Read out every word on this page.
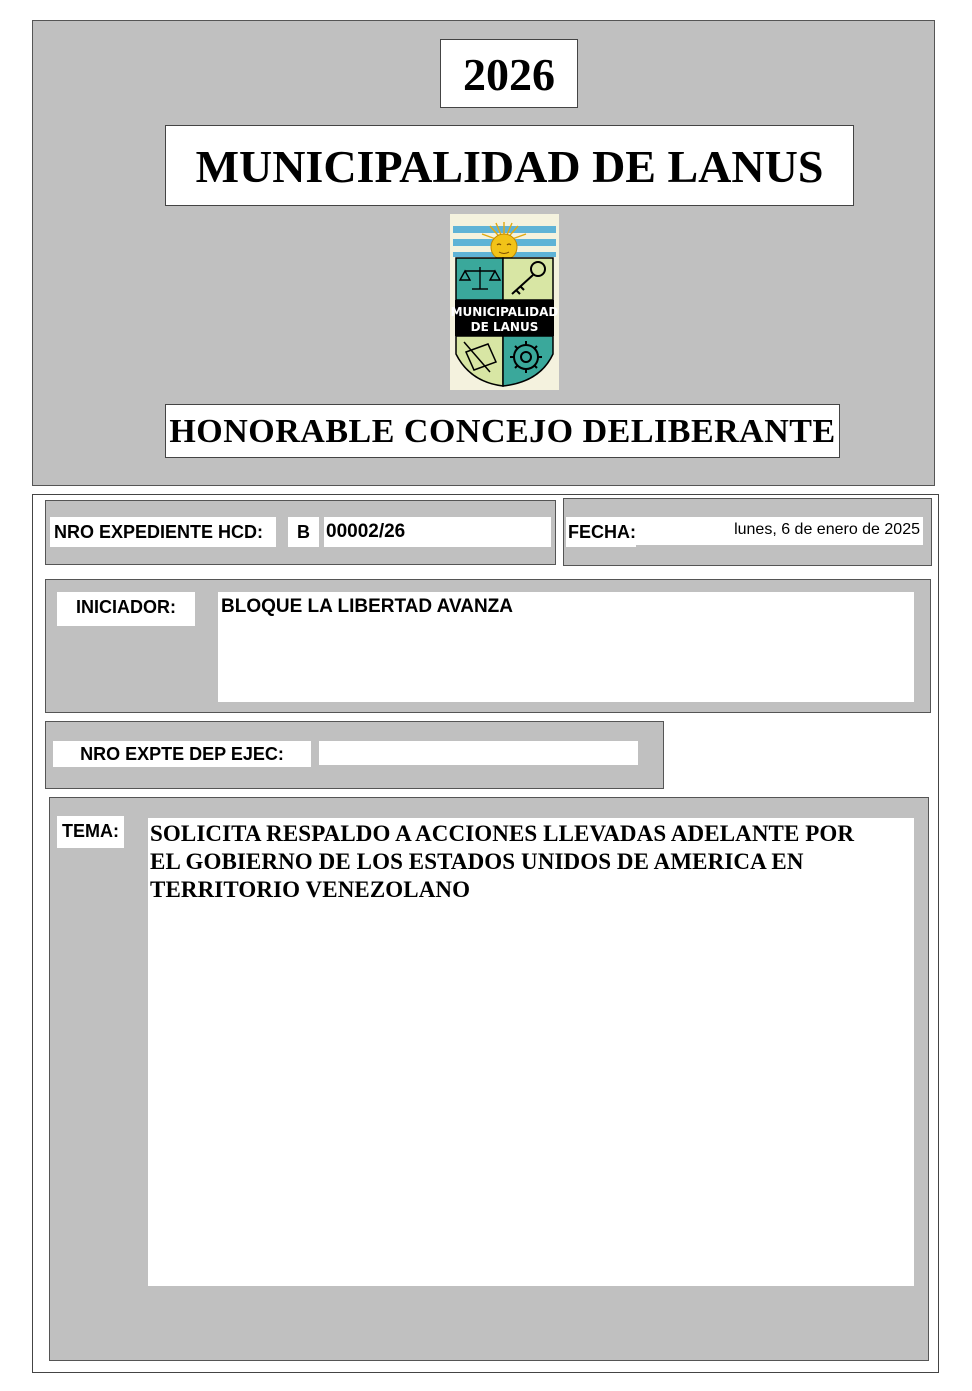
2026
MUNICIPALIDAD DE LANUS
MUNICIPALIDAD
DE LANUS
HONORABLE CONCEJO DELIBERANTE
NRO EXPEDIENTE HCD:	B 00002/26	FECHA:	lunes, 6 de enero de 2025
INICIADOR:	BLOQUE LA LIBERTAD AVANZA
NRO EXPTE DEP EJEC:
TEMA: SOLICITA RESPALDO A ACCIONES LLEVADAS ADELANTE POR
EL GOBIERNO DE LOS ESTADOS UNIDOS DE AMERICA EN
TERRITORIO VENEZOLANO
